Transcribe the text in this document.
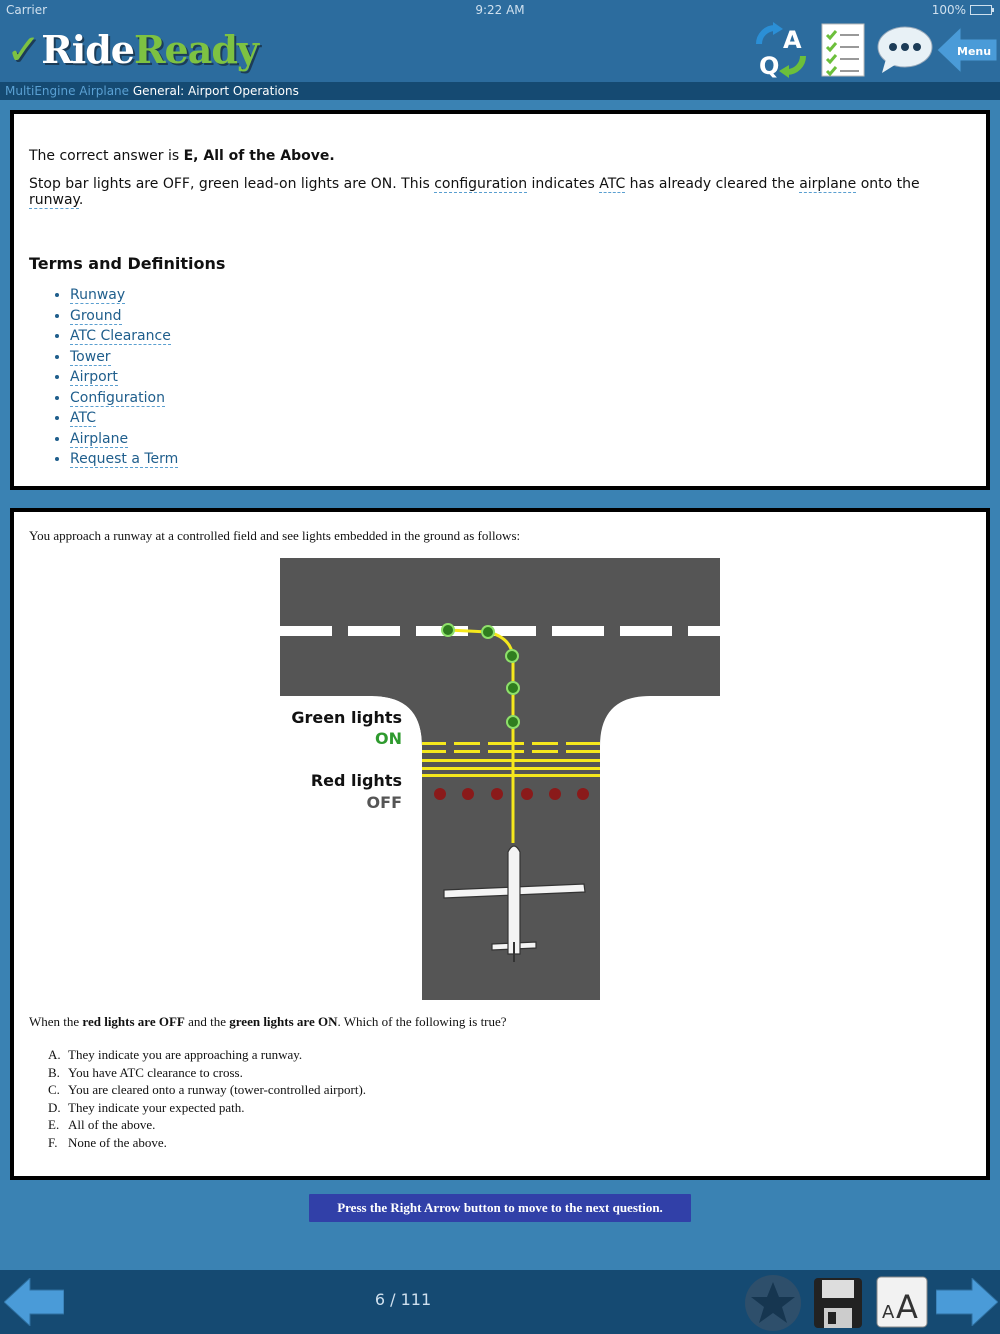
Carrier	9:22 AM	100%
✓ Ride Ready	A
Q
Menu
MultiEngine Airplane General: Airport Operations

The correct answer is E, All of the Above.

Stop bar lights are OFF, green lead-on lights are ON. This configuration indicates ATC has already cleared the airplane onto the runway.

Terms and Definitions
• Runway
• Ground
• ATC Clearance
• Tower
• Airport
• Configuration
• ATC
• Airplane
• Request a Term

You approach a runway at a controlled field and see lights embedded in the ground as follows:

Green lights
ON
Red lights
OFF

When the red lights are OFF and the green lights are ON. Which of the following is true?

A. They indicate you are approaching a runway.
B. You have ATC clearance to cross.
C. You are cleared onto a runway (tower-controlled airport).
D. They indicate your expected path.
E. All of the above.
F. None of the above.
Press the Right Arrow button to move to the next question.
6 / 111
A A
